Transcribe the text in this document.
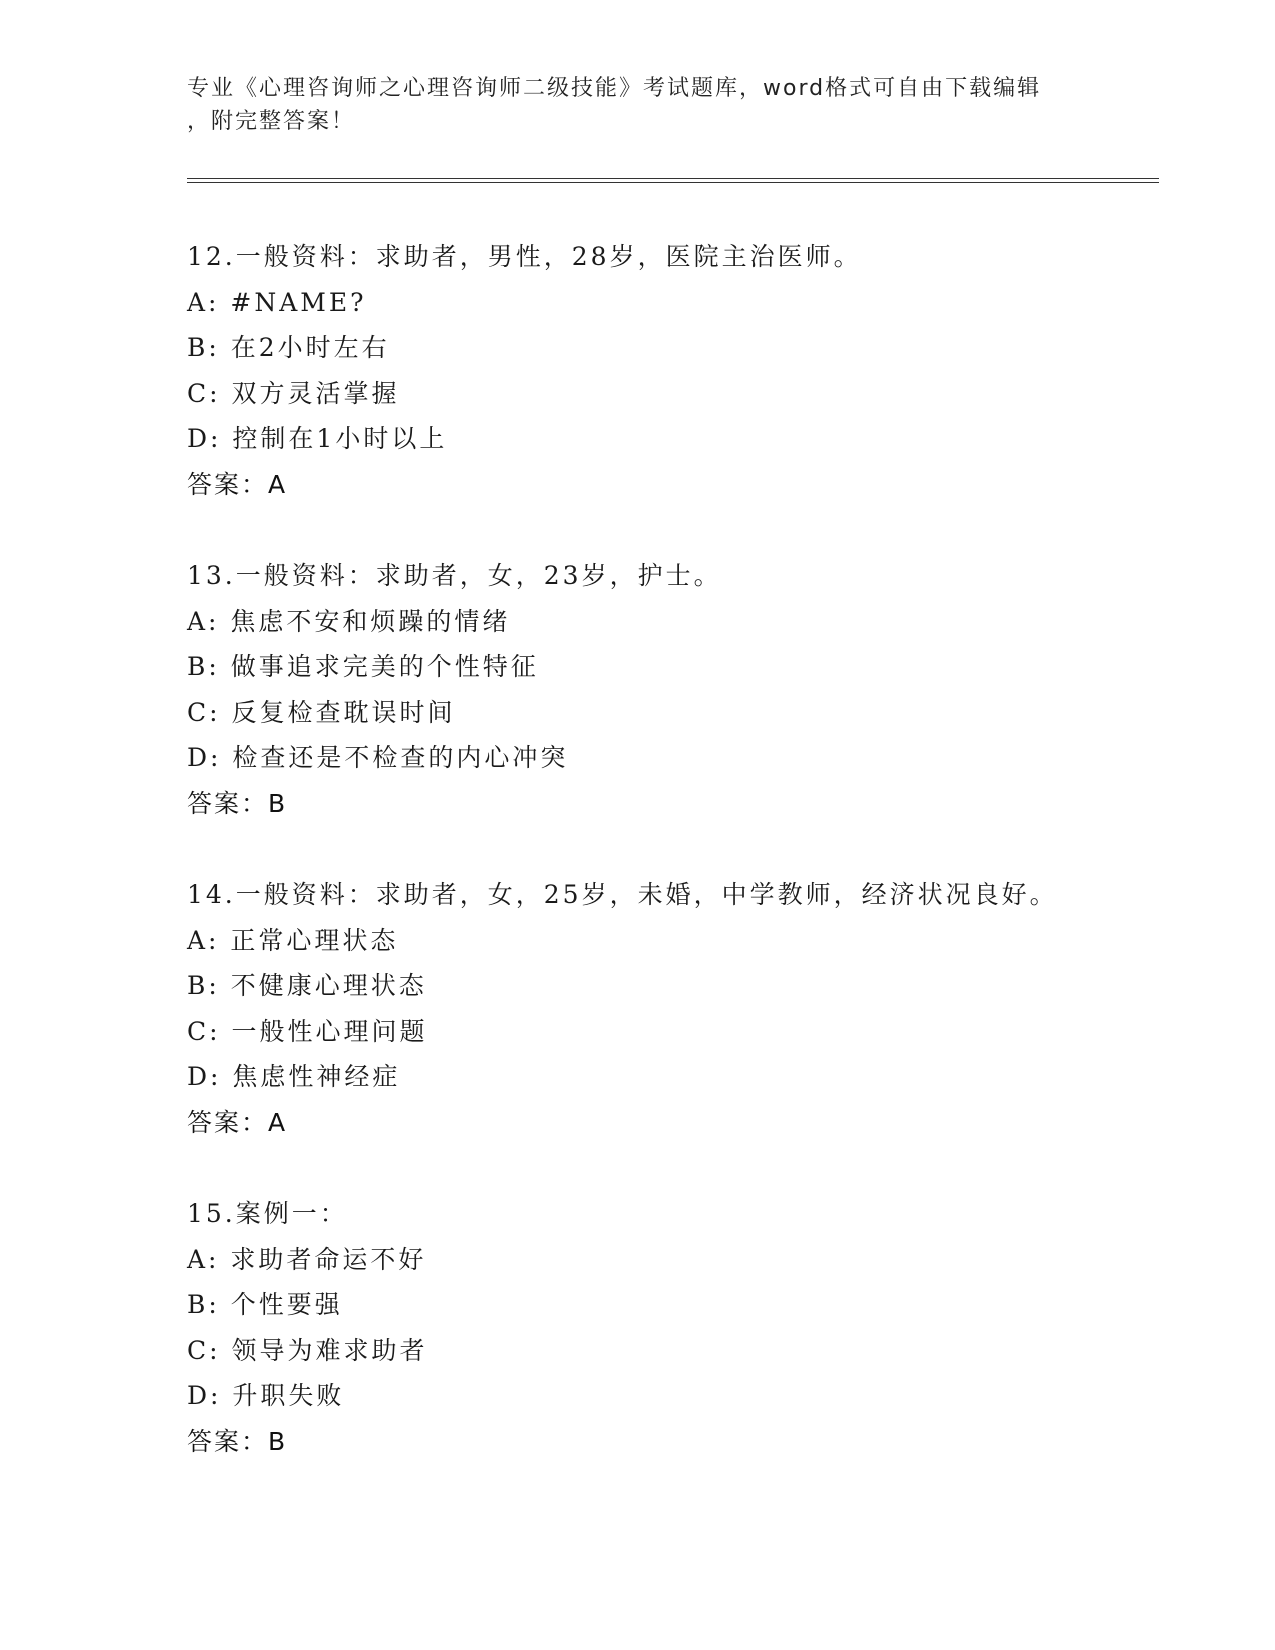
专业《心理咨询师之心理咨询师二级技能》考试题库，word格式可自由下载编辑
，附完整答案！
12.一般资料：求助者，男性，28岁，医院主治医师。
A: #NAME?
B: 在2小时左右
C: 双方灵活掌握
D: 控制在1小时以上
答案：A
13.一般资料：求助者，女，23岁，护士。
A: 焦虑不安和烦躁的情绪
B: 做事追求完美的个性特征
C: 反复检查耽误时间
D: 检查还是不检查的内心冲突
答案：B
14.一般资料：求助者，女，25岁，未婚，中学教师，经济状况良好。
A: 正常心理状态
B: 不健康心理状态
C: 一般性心理问题
D: 焦虑性神经症
答案：A
15.案例一：
A: 求助者命运不好
B: 个性要强
C: 领导为难求助者
D: 升职失败
答案：B
